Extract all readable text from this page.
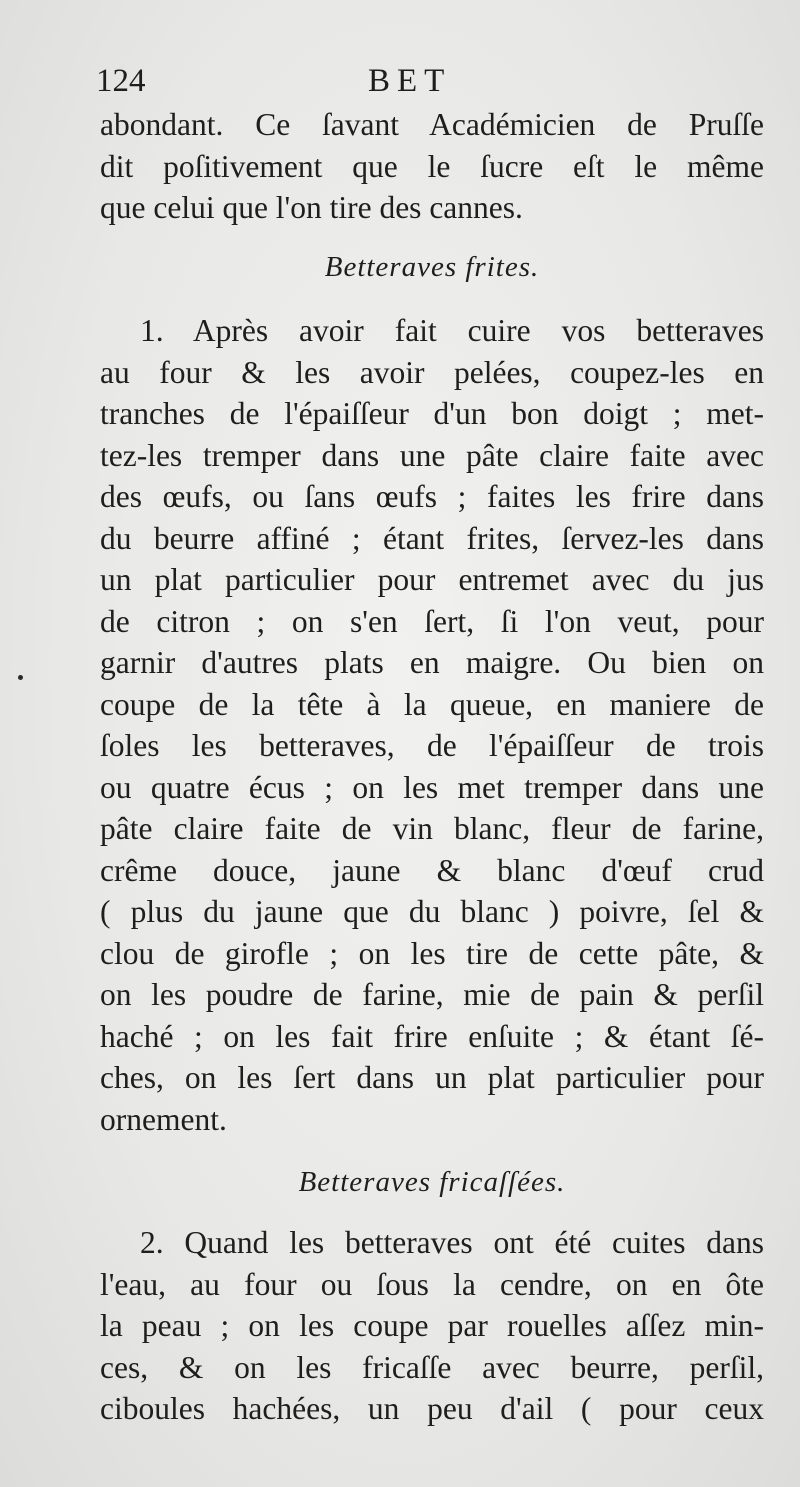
124	BET
abondant. Ce ſavant Académicien de Pruſſe
dit poſitivement que le ſucre eſt le même
que celui que l'on tire des cannes.
Betteraves frites.
1. Après avoir fait cuire vos betteraves
au four & les avoir pelées, coupez-les en
tranches de l'épaiſſeur d'un bon doigt ; met-
tez-les tremper dans une pâte claire faite avec
des œufs, ou ſans œufs ; faites les frire dans
du beurre affiné ; étant frites, ſervez-les dans
un plat particulier pour entremet avec du jus
de citron ; on s'en ſert, ſi l'on veut, pour
garnir d'autres plats en maigre. Ou bien on
coupe de la tête à la queue, en maniere de
ſoles les betteraves, de l'épaiſſeur de trois
ou quatre écus ; on les met tremper dans une
pâte claire faite de vin blanc, fleur de farine,
crême douce, jaune & blanc d'œuf crud
( plus du jaune que du blanc ) poivre, ſel &
clou de girofle ; on les tire de cette pâte, &
on les poudre de farine, mie de pain & perſil
haché ; on les fait frire enſuite ; & étant ſé-
ches, on les ſert dans un plat particulier pour
ornement.
Betteraves fricaſſées.
2. Quand les betteraves ont été cuites dans
l'eau, au four ou ſous la cendre, on en ôte
la peau ; on les coupe par rouelles aſſez min-
ces, & on les fricaſſe avec beurre, perſil,
ciboules hachées, un peu d'ail ( pour ceux
